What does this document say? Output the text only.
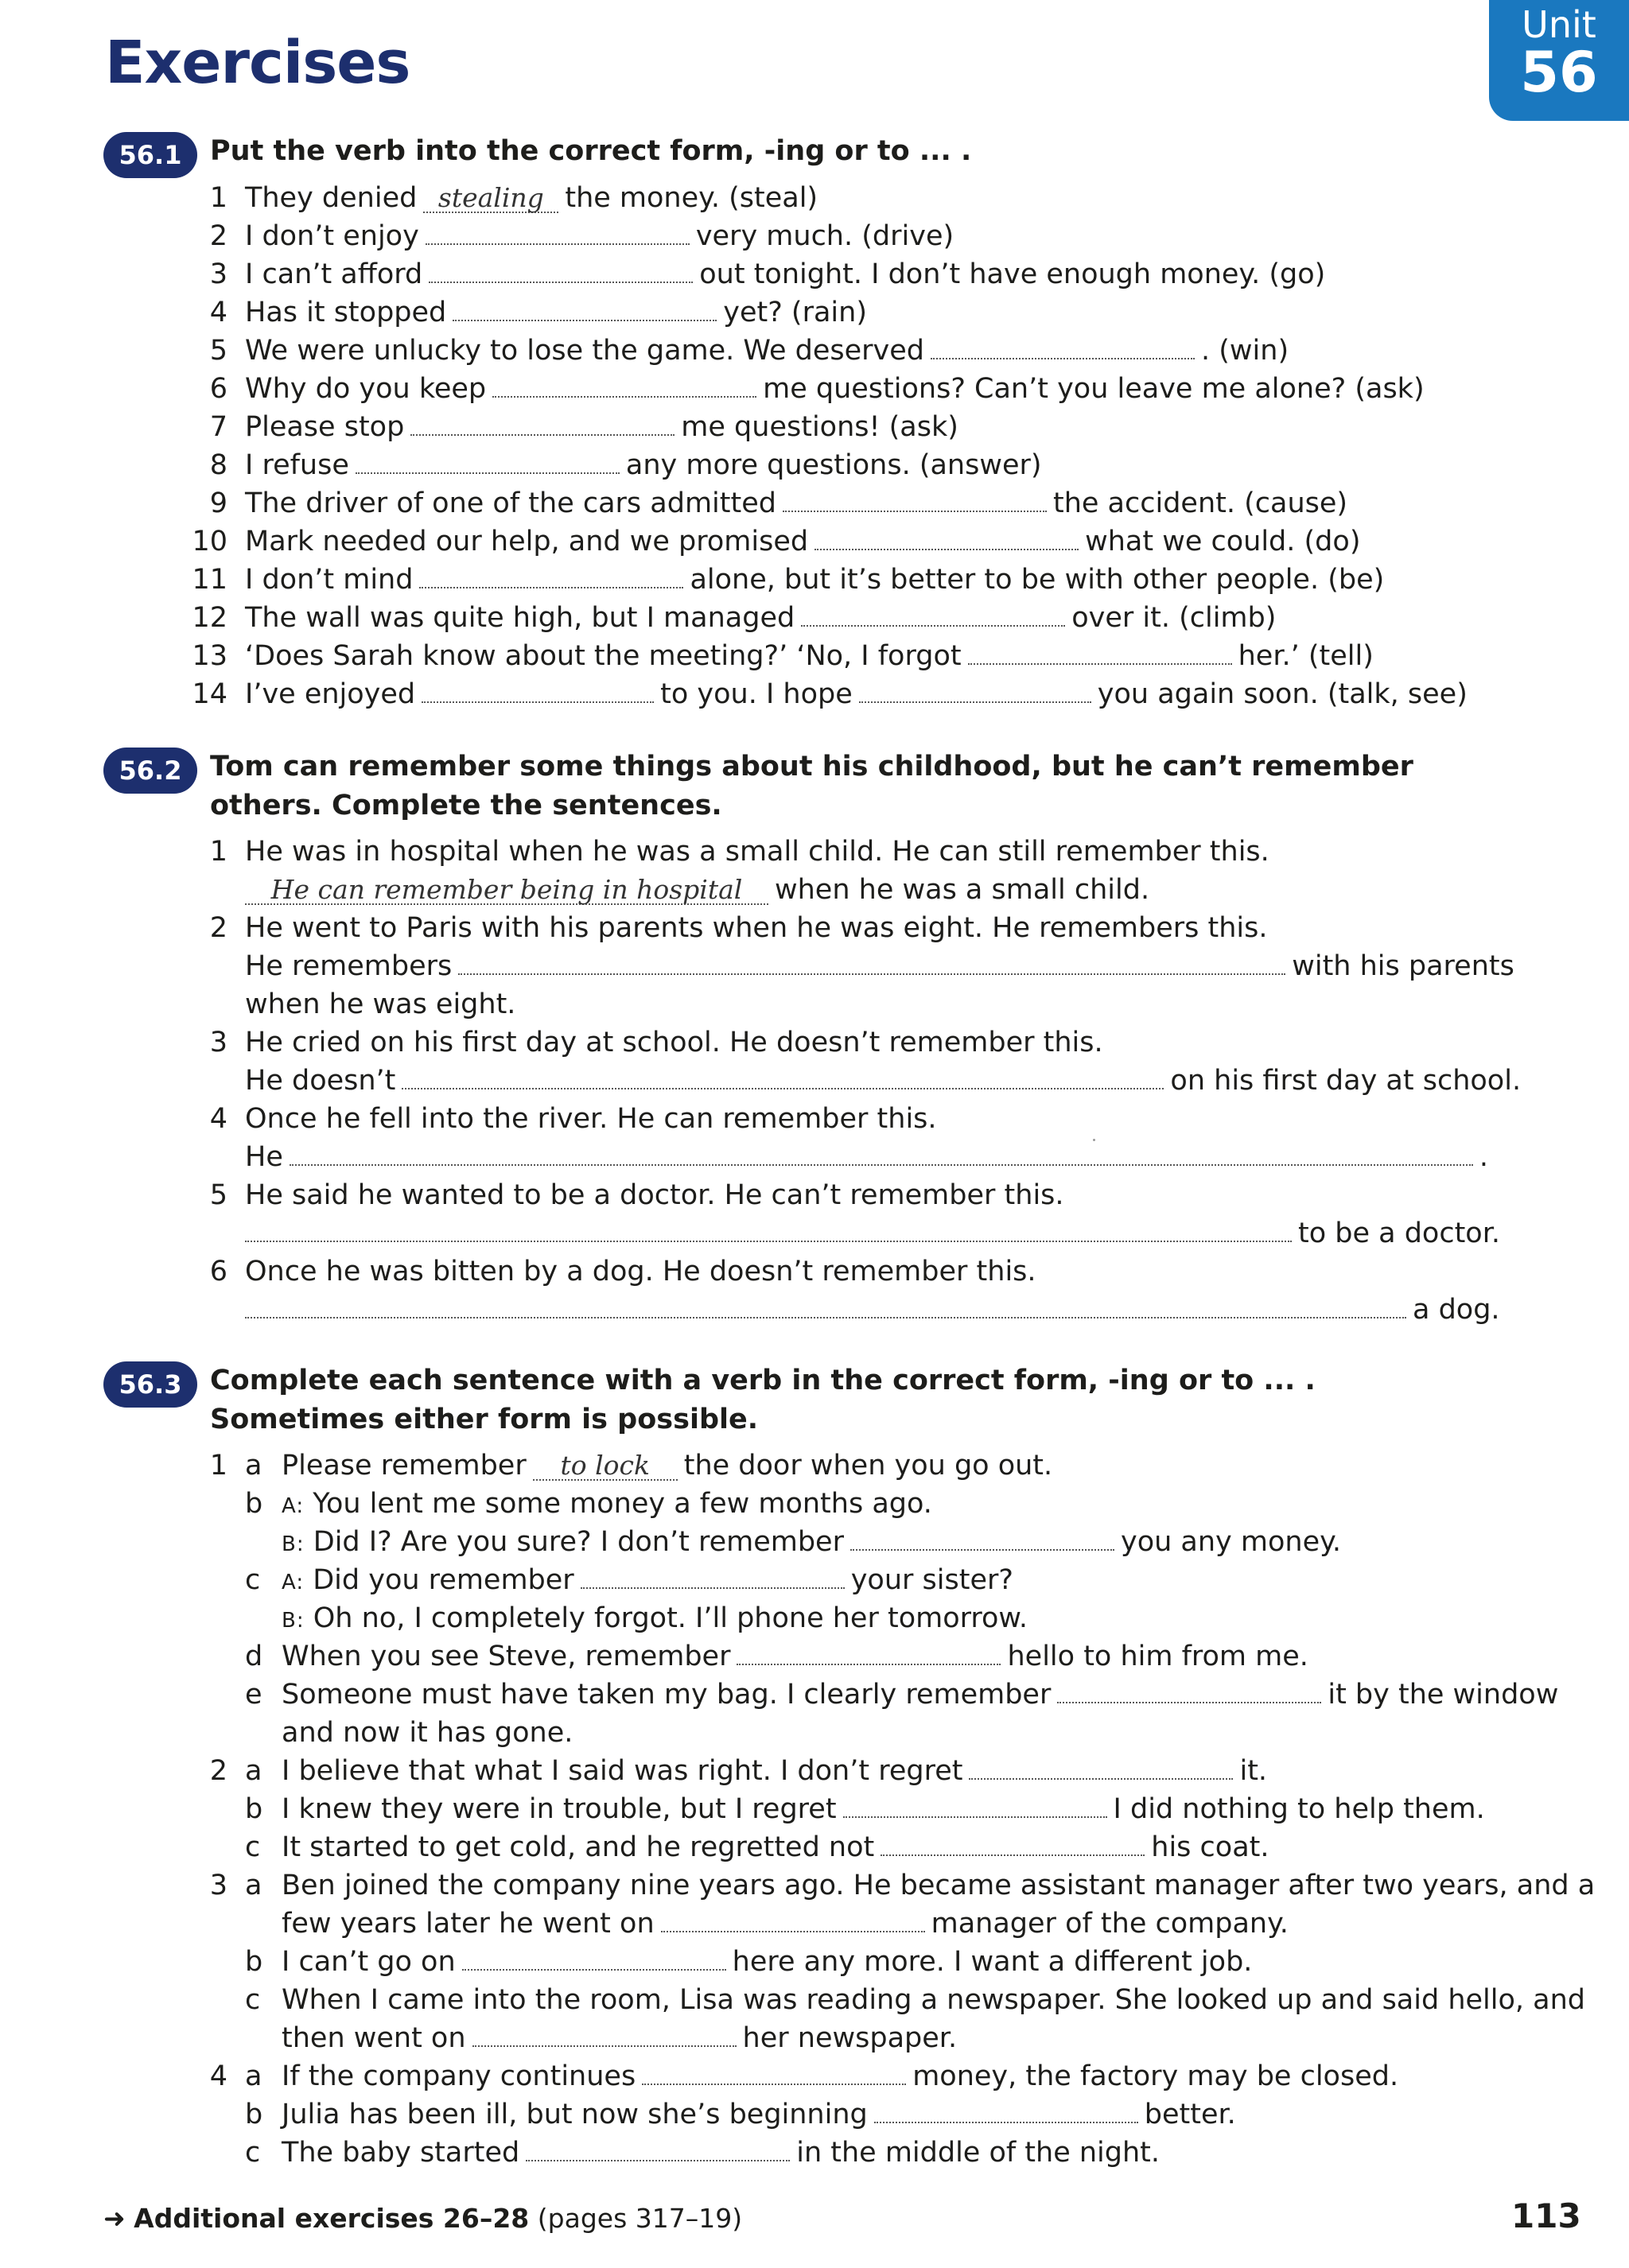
Exercises
Unit
56
56.1	Put the verb into the correct form, -ing or to ... .
1 They denied stealing the money. (steal)
2 I don’t enjoy	very much. (drive)
3 I can’t afford	out tonight. I don’t have enough money. (go)
4 Has it stopped	yet? (rain)
5 We were unlucky to lose the game. We deserved	. (win)
6 Why do you keep	me questions? Can’t you leave me alone? (ask)
7 Please stop	me questions! (ask)
8 I refuse	any more questions. (answer)
9 The driver of one of the cars admitted	the accident. (cause)
10 Mark needed our help, and we promised	what we could. (do)
11 I don’t mind	alone, but it’s better to be with other people. (be)
12 The wall was quite high, but I managed	over it. (climb)
13 ‘Does Sarah know about the meeting?’ ‘No, I forgot	her.’ (tell)
14 I’ve enjoyed	to you. I hope	you again soon. (talk, see)
56.2	Tom can remember some things about his childhood, but he can’t remember others. Complete the sentences.
1 He was in hospital when he was a small child. He can still remember this.
He can remember being in hospital when he was a small child.
2 He went to Paris with his parents when he was eight. He remembers this.
He remembers	with his parents
when he was eight.
3 He cried on his first day at school. He doesn’t remember this.
He doesn’t	on his first day at school.
4 Once he fell into the river. He can remember this.
He	.
5 He said he wanted to be a doctor. He can’t remember this.
to be a doctor.
6 Once he was bitten by a dog. He doesn’t remember this.
a dog.
56.3	Complete each sentence with a verb in the correct form, -ing or to ... . Sometimes either form is possible.
1 a Please remember to lock the door when you go out.
b A: You lent me some money a few months ago.
B: Did I? Are you sure? I don’t remember	you any money.
c A: Did you remember	your sister?
B: Oh no, I completely forgot. I’ll phone her tomorrow.
d When you see Steve, remember	hello to him from me.
e Someone must have taken my bag. I clearly remember	it by the window
and now it has gone.
2 a I believe that what I said was right. I don’t regret	it.
b I knew they were in trouble, but I regret	I did nothing to help them.
c It started to get cold, and he regretted not	his coat.
3 a Ben joined the company nine years ago. He became assistant manager after two years, and a
few years later he went on	manager of the company.
b I can’t go on	here any more. I want a different job.
c When I came into the room, Lisa was reading a newspaper. She looked up and said hello, and
then went on	her newspaper.
4 a If the company continues	money, the factory may be closed.
b Julia has been ill, but now she’s beginning	better.
c The baby started	in the middle of the night.
➜ Additional exercises 26–28 (pages 317–19)	113
